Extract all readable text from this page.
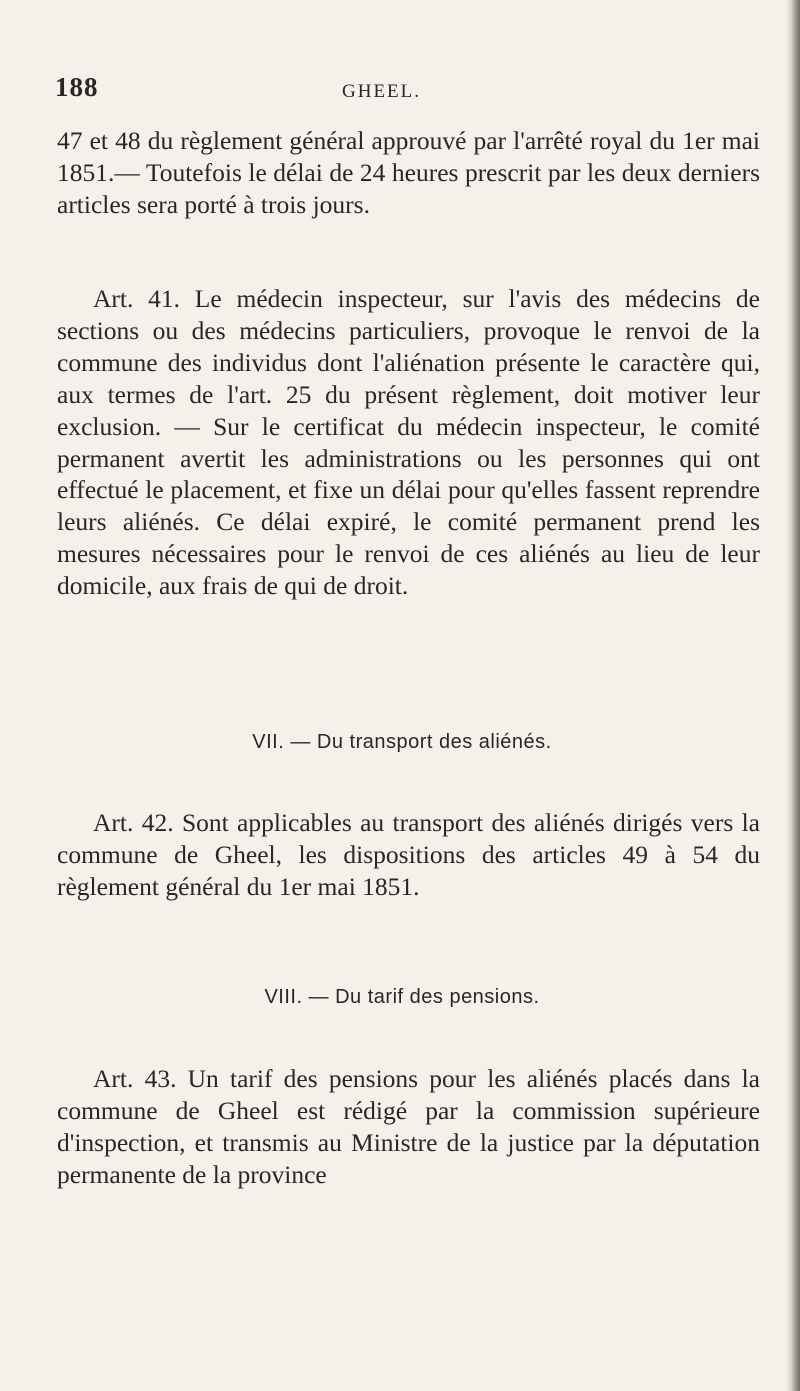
188	GHEEL.

47 et 48 du règlement général approuvé par l'arrêté royal du 1er mai 1851.— Toutefois le délai de 24 heures prescrit par les deux derniers articles sera porté à trois jours.

Art. 41. Le médecin inspecteur, sur l'avis des médecins de sections ou des médecins particuliers, provoque le renvoi de la commune des individus dont l'aliénation présente le caractère qui, aux termes de l'art. 25 du présent règlement, doit motiver leur exclusion. — Sur le certificat du médecin inspecteur, le comité permanent avertit les administrations ou les personnes qui ont effectué le placement, et fixe un délai pour qu'elles fassent reprendre leurs aliénés. Ce délai expiré, le comité permanent prend les mesures nécessaires pour le renvoi de ces aliénés au lieu de leur domicile, aux frais de qui de droit.

VII. — Du transport des aliénés.

Art. 42. Sont applicables au transport des aliénés dirigés vers la commune de Gheel, les dispositions des articles 49 à 54 du règlement général du 1er mai 1851.

VIII. — Du tarif des pensions.

Art. 43. Un tarif des pensions pour les aliénés placés dans la commune de Gheel est rédigé par la commission supérieure d'inspection, et transmis au Ministre de la justice par la députation permanente de la province
